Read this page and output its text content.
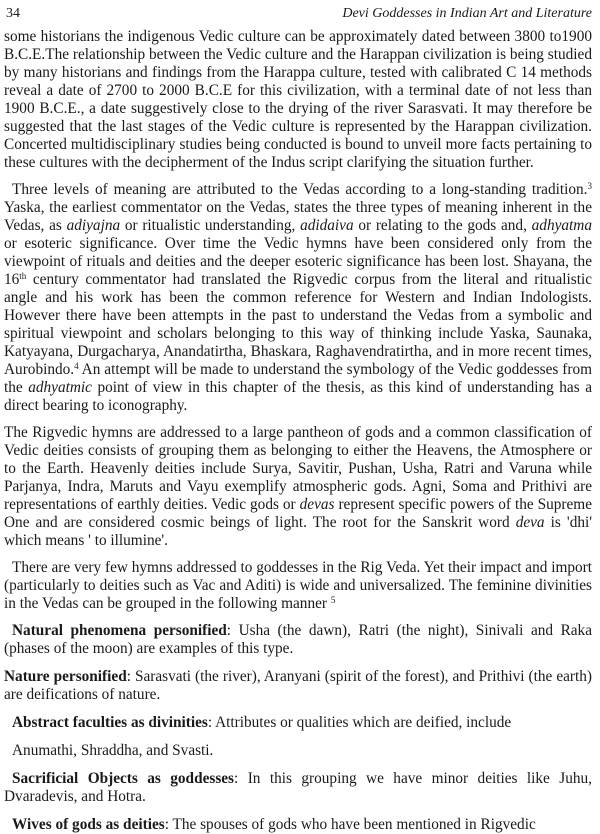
34	Devi Goddesses in Indian Art and Literature

some historians the indigenous Vedic culture can be approximately dated between 3800 to1900 B.C.E.The relationship between the Vedic culture and the Harappan civilization is being studied by many historians and findings from the Harappa culture, tested with calibrated C 14 methods reveal a date of 2700 to 2000 B.C.E for this civilization, with a terminal date of not less than 1900 B.C.E., a date suggestively close to the drying of the river Sarasvati. It may therefore be suggested that the last stages of the Vedic culture is represented by the Harappan civilization. Concerted multidisciplinary studies being conducted is bound to unveil more facts pertaining to these cultures with the decipherment of the Indus script clarifying the situation further.

Three levels of meaning are attributed to the Vedas according to a long-standing tradition.$^3$ Yaska, the earliest commentator on the Vedas, states the three types of meaning inherent in the Vedas, as adiyajna or ritualistic understanding, adidaiva or relating to the gods and, adhyatma or esoteric significance. Over time the Vedic hymns have been considered only from the viewpoint of rituals and deities and the deeper esoteric significance has been lost. Shayana, the 16th century commentator had translated the Rigvedic corpus from the literal and ritualistic angle and his work has been the common reference for Western and Indian Indologists. However there have been attempts in the past to understand the Vedas from a symbolic and spiritual viewpoint and scholars belonging to this way of thinking include Yaska, Saunaka, Katyayana, Durgacharya, Anandatirtha, Bhaskara, Raghavendratirtha, and in more recent times, Aurobindo.$^4$ An attempt will be made to understand the symbology of the Vedic goddesses from the adhyatmic point of view in this chapter of the thesis, as this kind of understanding has a direct bearing to iconography.

The Rigvedic hymns are addressed to a large pantheon of gods and a common classification of Vedic deities consists of grouping them as belonging to either the Heavens, the Atmosphere or to the Earth. Heavenly deities include Surya, Savitir, Pushan, Usha, Ratri and Varuna while Parjanya, Indra, Maruts and Vayu exemplify atmospheric gods. Agni, Soma and Prithivi are representations of earthly deities. Vedic gods or devas represent specific powers of the Supreme One and are considered cosmic beings of light. The root for the Sanskrit word deva is 'dhi' which means ' to illumine'.

There are very few hymns addressed to goddesses in the Rig Veda. Yet their impact and import (particularly to deities such as Vac and Aditi) is wide and universalized. The feminine divinities in the Vedas can be grouped in the following manner $^5$

Natural phenomena personified: Usha (the dawn), Ratri (the night), Sinivali and Raka (phases of the moon) are examples of this type.

Nature personified: Sarasvati (the river), Aranyani (spirit of the forest), and Prithivi (the earth) are deifications of nature.

Abstract faculties as divinities: Attributes or qualities which are deified, include

Anumathi, Shraddha, and Svasti.

Sacrificial Objects as goddesses: In this grouping we have minor deities like Juhu, Dvaradevis, and Hotra.

Wives of gods as deities: The spouses of gods who have been mentioned in Rigvedic
